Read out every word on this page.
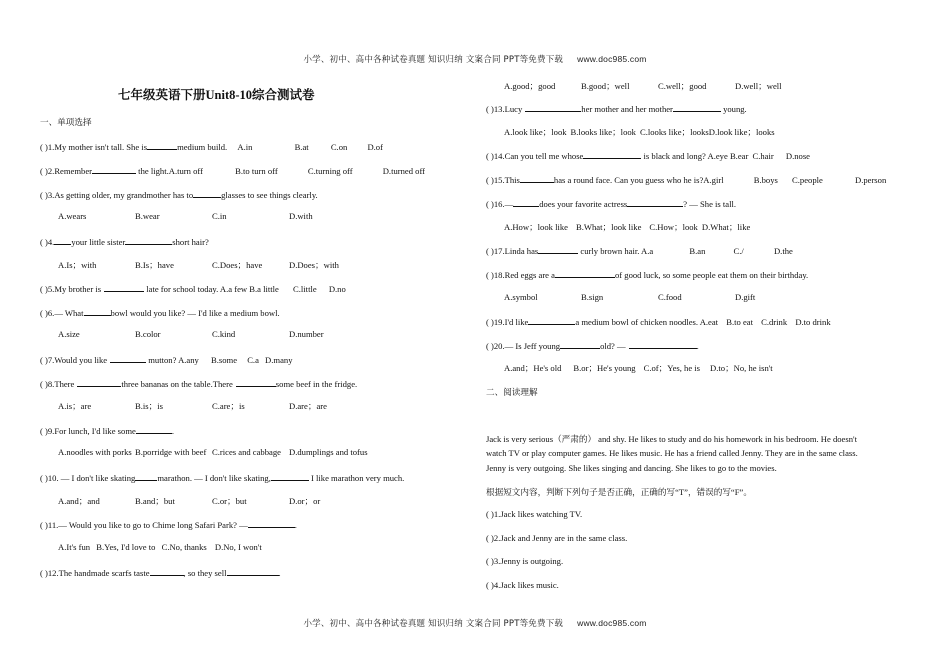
小学、初中、高中各种试卷真题 知识归纳 文案合同 PPT等免费下载 www.doc985.com
七年级英语下册Unit8-10综合测试卷
一、单项选择
( )1.My mother isn't tall. She is	medium build. A.in	B.at	C.on D.of
( )2.Remember	the light.A.turn off	B.to turn off	C.turning off	D.turned off
( )3.As getting older, my grandmother has to	glasses to see things clearly.
A.wears	B.wear	C.in	D.with
( )4. your little sister	short hair?
A.Is；with	B.Is；have	C.Does；have	D.Does；with
( )5.My brother is	late for school today. A.a few B.a little C.little D.no
( )6.— What	bowl would you like? — I'd like a medium bowl.
A.size	B.color	C.kind	D.number
( )7.Would you like	mutton? A.any B.some C.a D.many
( )8.There	three bananas on the table.There	some beef in the fridge.
A.is；are	B.is；is	C.are；is	D.are；are
( )9.For lunch, I'd like some	.
A.noodles with porks B.porridge with beef C.rices and cabbage D.dumplings and tofus
( )10. — I don't like skating	marathon. — I don't like skating,	I like marathon very much.
A.and；and	B.and；but	C.or；but	D.or；or
( )11.— Would you like to go to Chime long Safari Park? —	.
A.It's fun B.Yes, I'd love to C.No, thanks D.No, I won't
( )12.The handmade scarfs taste	, so they sell	.
A.good；good	B.good；well	C.well；good	D.well；well
( )13.Lucy	her mother and her mother	young.
A.look like；look B.looks like；look C.looks like；looksD.look like；looks
( )14.Can you tell me whose	is black and long? A.eye B.ear C.hair D.nose
( )15.This	has a round face. Can you guess who he is?A.girl	B.boys C.people	D.person
( )16.—	does your favorite actress	? — She is tall.
A.How；look like B.What；look like C.How；look D.What；like
( )17.Linda has	curly brown hair. A.a	B.an	C./	D.the
( )18.Red eggs are a	of good luck, so some people eat them on their birthday.
A.symbol	B.sign	C.food	D.gift
( )19.I'd like	a medium bowl of chicken noodles. A.eat B.to eat C.drink D.to drink
( )20.— Is Jeff young	old? —	.
A.and；He's old B.or；He's young C.of；Yes, he is D.to；No, he isn't
二、阅读理解
Jack is very serious（严肃的） and shy. He likes to study and do his homework in his bedroom. He doesn't
watch TV or play computer games. He likes music. He has a friend called Jenny. They are in the same class.
Jenny is very outgoing. She likes singing and dancing. She likes to go to the movies.
根据短文内容，判断下列句子是否正确，正确的写“T”，错误的写“F”。
( )1.Jack likes watching TV.
( )2.Jack and Jenny are in the same class.
( )3.Jenny is outgoing.
( )4.Jack likes music.
小学、初中、高中各种试卷真题 知识归纳 文案合同 PPT等免费下载 www.doc985.com
